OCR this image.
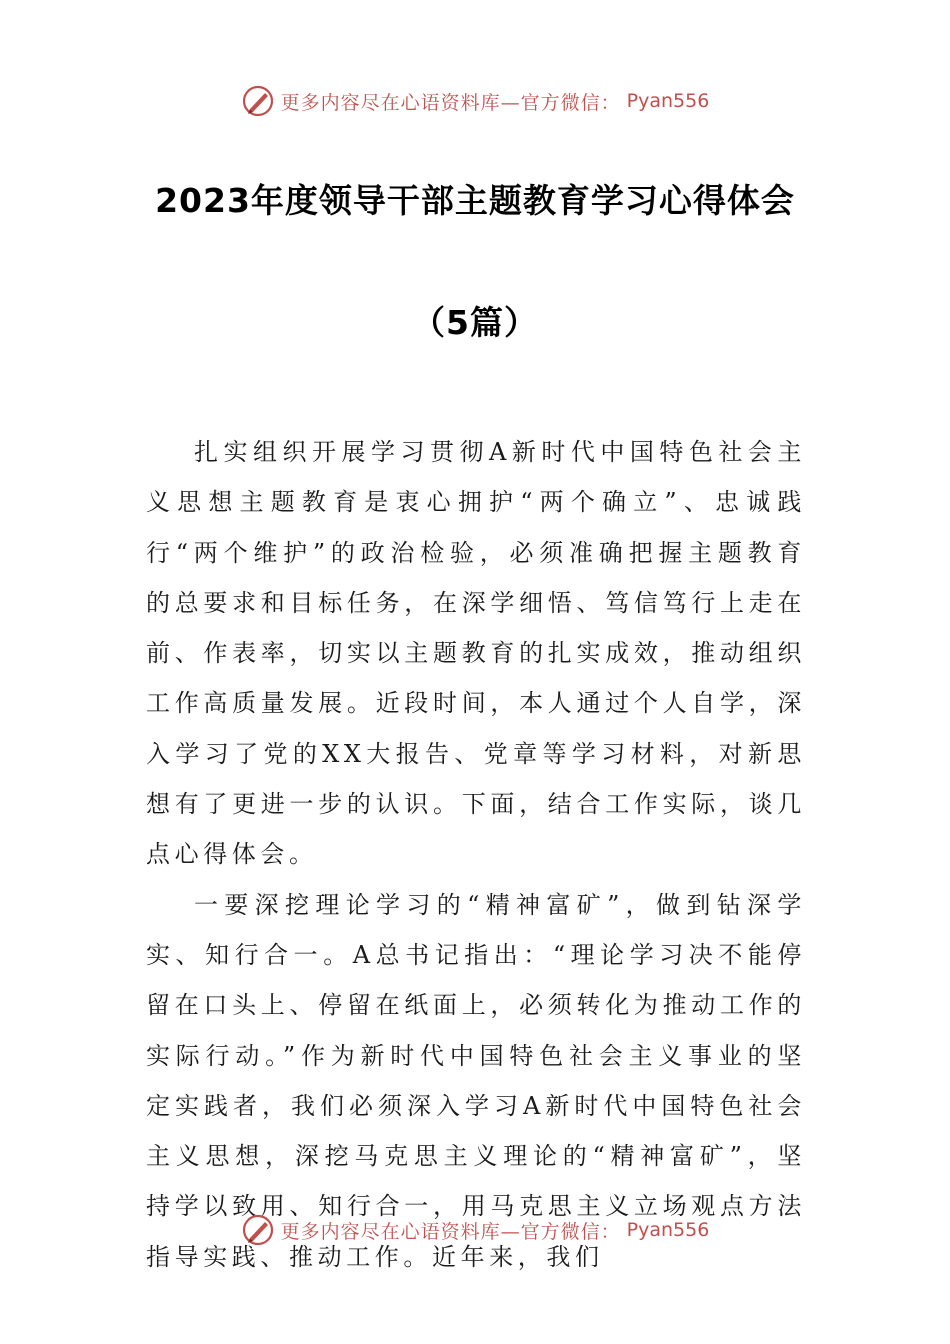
更多内容尽在心语资料库—官方微信： Pyan556
2023年度领导干部主题教育学习心得体会
（5篇）

扎实组织开展学习贯彻A新时代中国特色社会主义思想主题教育是衷心拥护“两个确立”、忠诚践行“两个维护”的政治检验，必须准确把握主题教育的总要求和目标任务，在深学细悟、笃信笃行上走在前、作表率，切实以主题教育的扎实成效，推动组织工作高质量发展。近段时间，本人通过个人自学，深入学习了党的XX大报告、党章等学习材料，对新思想有了更进一步的认识。下面，结合工作实际，谈几点心得体会。

一要深挖理论学习的“精神富矿”，做到钻深学实、知行合一。A总书记指出：“理论学习决不能停留在口头上、停留在纸面上，必须转化为推动工作的实际行动。”作为新时代中国特色社会主义事业的坚定实践者，我们必须深入学习A新时代中国特色社会主义思想，深挖马克思主义理论的“精神富矿”，坚持学以致用、知行合一，用马克思主义立场观点方法指导实践、推动工作。近年来，我们

更多内容尽在心语资料库—官方微信： Pyan556
